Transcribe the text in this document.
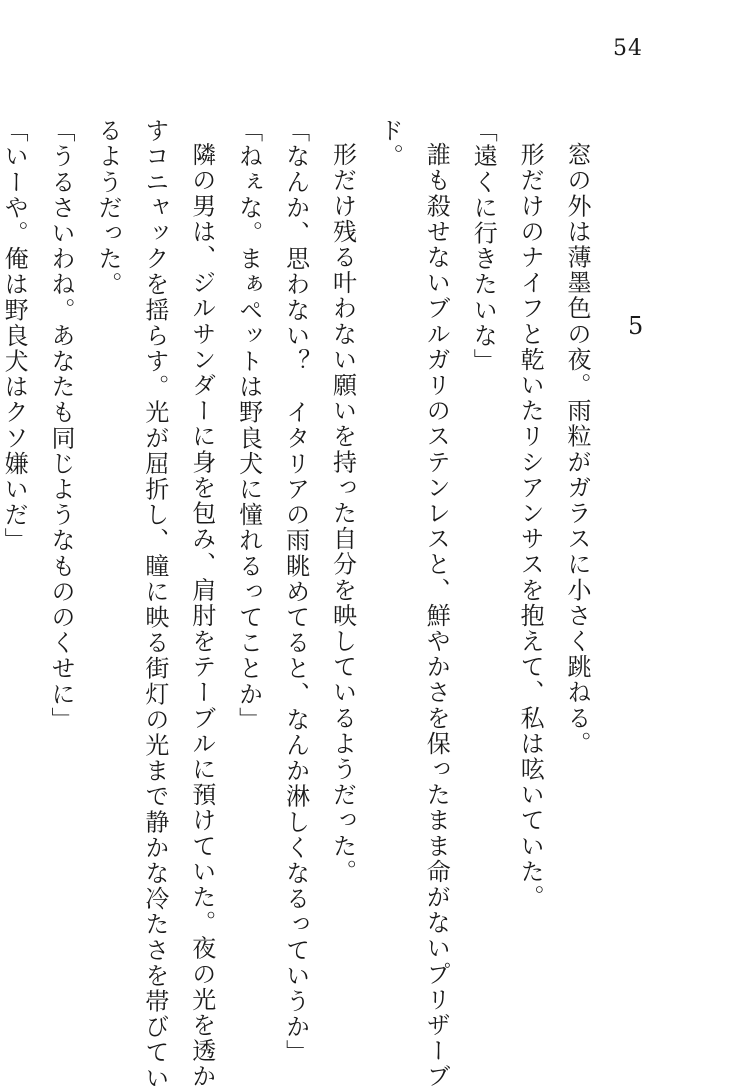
54
5

窓の外は薄墨色の夜。雨粒がガラスに小さく跳ねる。

形だけのナイフと乾いたリシアンサスを抱えて、私は呟いていた。

「遠くに行きたいな」

誰も殺せないブルガリのステンレスと、鮮やかさを保ったまま命がないプリザーブ

ド。

形だけ残る叶わない願いを持った自分を映しているようだった。

「なんか、思わない？　イタリアの雨眺めてると、なんか淋しくなるっていうか」

「ねぇな。まぁペットは野良犬に憧れるってことか」

隣の男は、ジルサンダーに身を包み、肩肘をテーブルに預けていた。夜の光を透か

すコニャックを揺らす。光が屈折し、瞳に映る街灯の光まで静かな冷たさを帯びてい

るようだった。

「うるさいわね。あなたも同じようなもののくせに」

「いーや。俺は野良犬はクソ嫌いだ」
